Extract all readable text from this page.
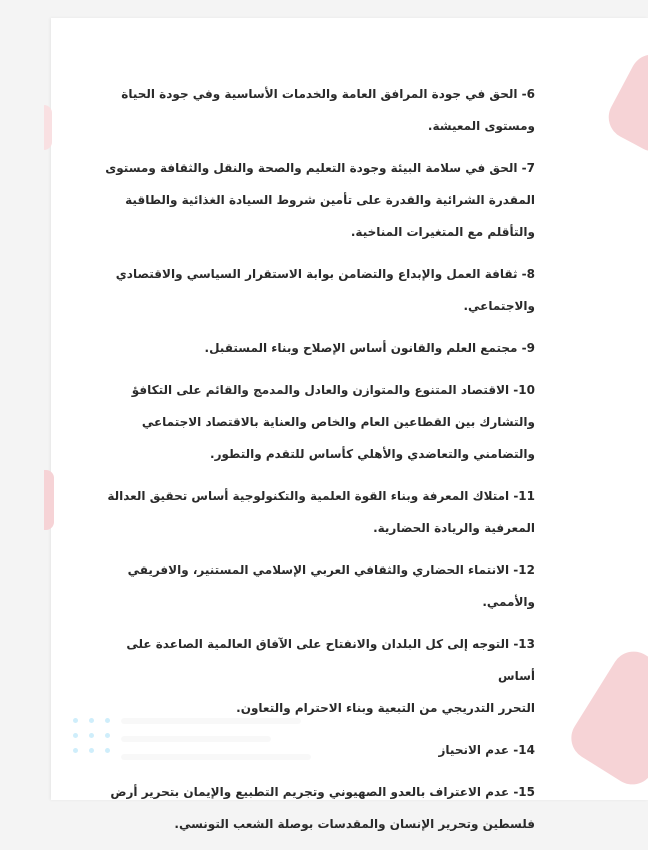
6- الحق في جودة المرافق العامة والخدمات الأساسية وفي جودة الحياة

ومستوى المعيشة.

7- الحق في سلامة البيئة وجودة التعليم والصحة والنقل والثقافة ومستوى

المقدرة الشرائية والقدرة على تأمين شروط السيادة الغذائية والطاقية

والتأقلم مع المتغيرات المناخية.

8- ثقافة العمل والإبداع والتضامن بوابة الاستقرار السياسي والاقتصادي

والاجتماعي.

9- مجتمع العلم والقانون أساس الإصلاح وبناء المستقبل.

10- الاقتصاد المتنوع والمتوازن والعادل والمدمج والقائم على التكافؤ

والتشارك بين القطاعين العام والخاص والعناية بالاقتصاد الاجتماعي

والتضامني والتعاضدي والأهلي كأساس للتقدم والتطور.

11- امتلاك المعرفة وبناء القوة العلمية والتكنولوجية أساس تحقيق العدالة

المعرفية والريادة الحضارية.

12- الانتماء الحضاري والثقافي العربي الإسلامي المستنير، والافريقي

والأممي.

13- التوجه إلى كل البلدان والانفتاح على الآفاق العالمية الصاعدة على أساس

التحرر التدريجي من التبعية وبناء الاحترام والتعاون.

14- عدم الانحياز

15- عدم الاعتراف بالعدو الصهيوني وتجريم التطبيع والإيمان بتحرير أرض

فلسطين وتحرير الإنسان والمقدسات بوصلة الشعب التونسي.
